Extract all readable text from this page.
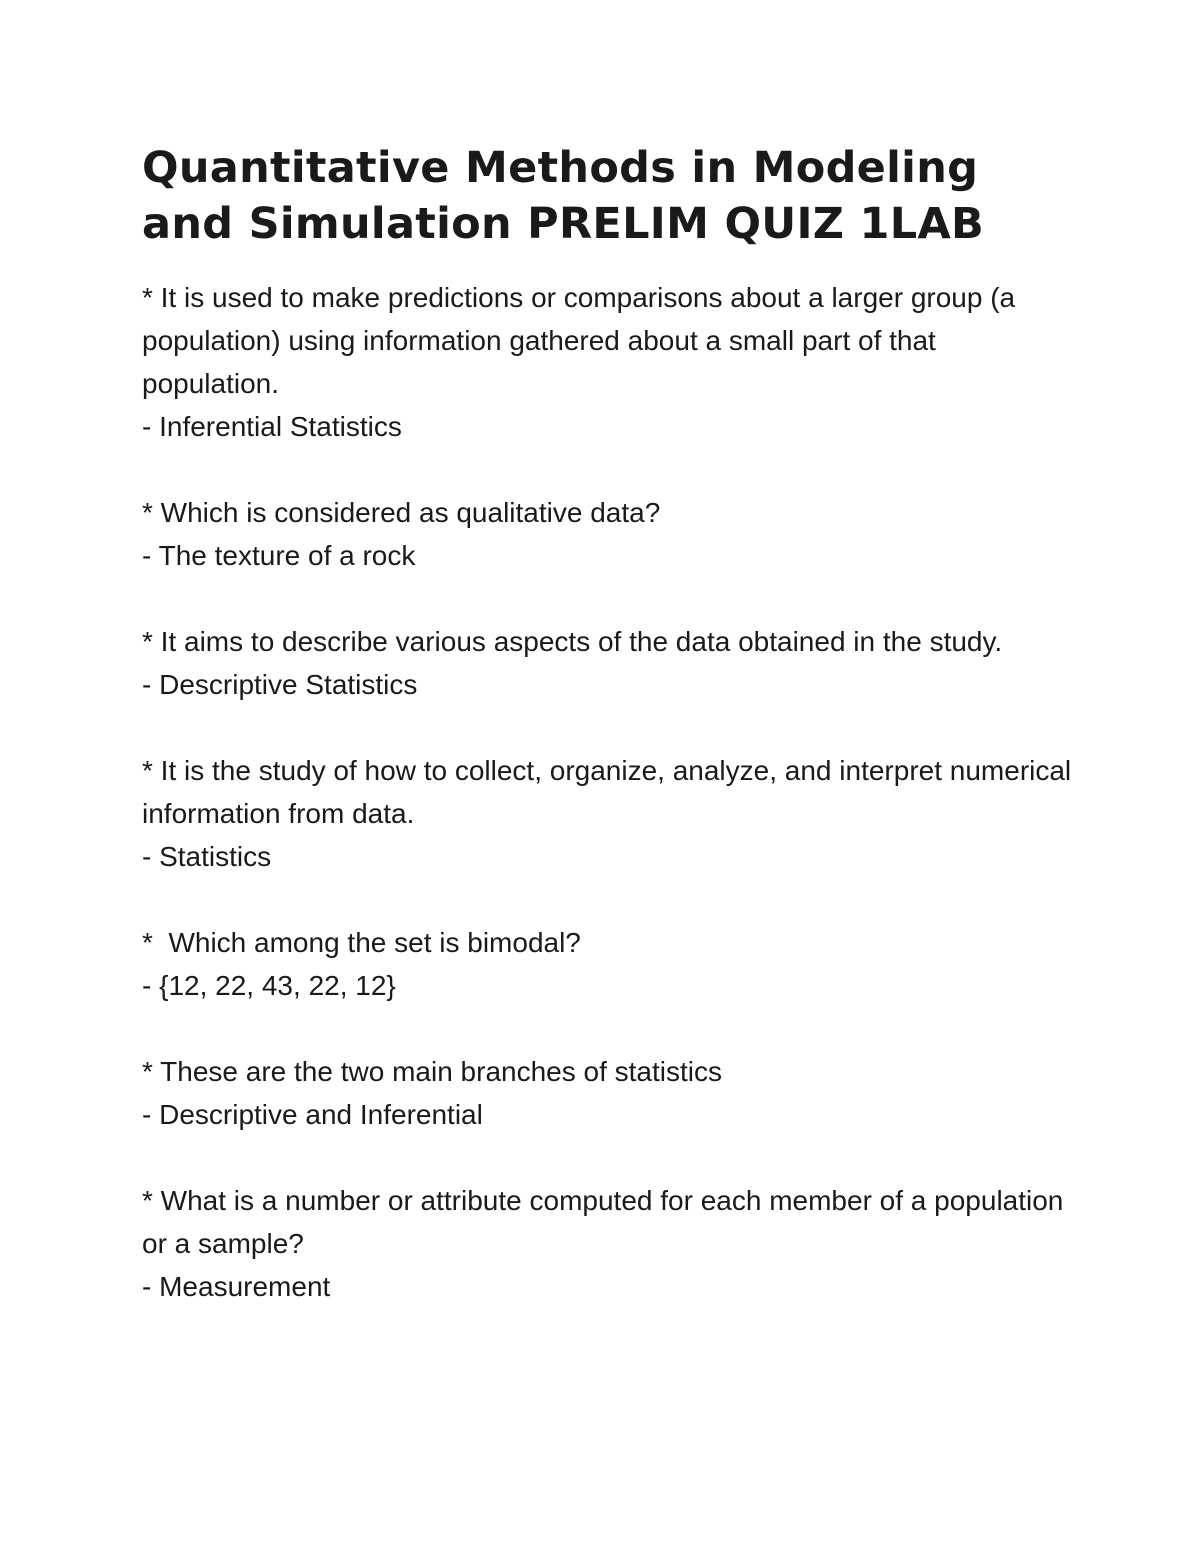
Quantitative Methods in Modeling and Simulation PRELIM QUIZ 1LAB

* It is used to make predictions or comparisons about a larger group (a population) using information gathered about a small part of that population.

- Inferential Statistics

* Which is considered as qualitative data?

- The texture of a rock

* It aims to describe various aspects of the data obtained in the study.

- Descriptive Statistics

* It is the study of how to collect, organize, analyze, and interpret numerical information from data.

- Statistics

*  Which among the set is bimodal?

- {12, 22, 43, 22, 12}

* These are the two main branches of statistics

- Descriptive and Inferential

* What is a number or attribute computed for each member of a population or a sample?

- Measurement
